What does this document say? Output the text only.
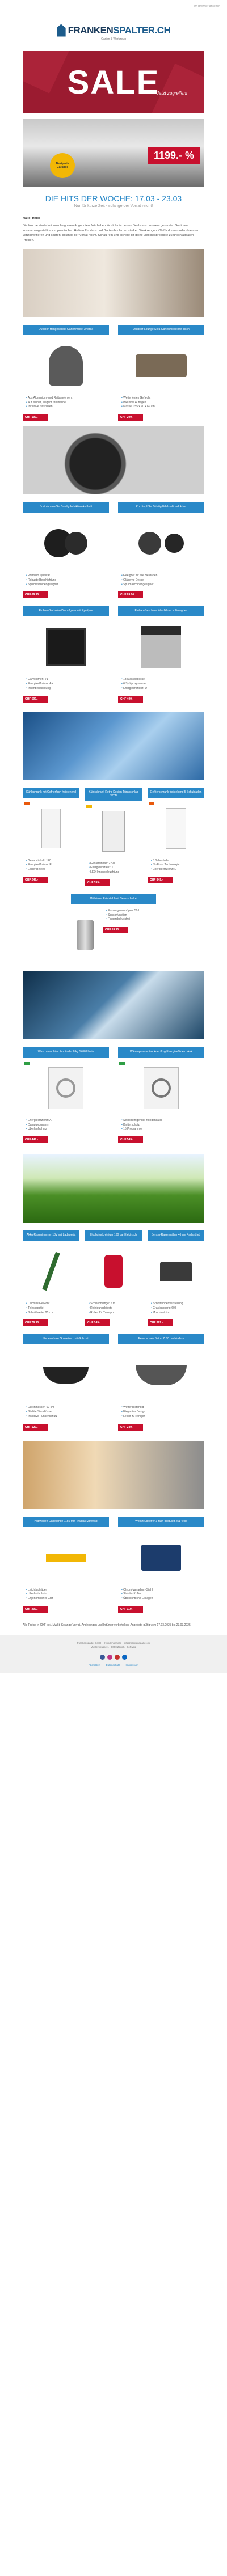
Im Browser ansehen
FRANKENSPALTER.CH
Garten & Werkzeug
SALE
Jetzt zugreifen!
Bestpreis Garantie
1199.- %
DIE HITS DER WOCHE: 17.03 - 23.03
Nur für kurze Zeit - solange der Vorrat reicht!
Hallo! Hallo
Die Woche startet mit unschlagbaren Angeboten! Wir haben für dich die besten Deals aus unserem gesamten Sortiment zusammengestellt – von praktischen Helfern für Haus und Garten bis hin zu starken Werkzeugen. Ob für drinnen oder draussen: Jetzt profitieren und sparen, solange der Vorrat reicht. Schau rein und sichere dir deine Lieblingsprodukte zu unschlagbaren Preisen.
Outdoor-Hängesessel Gartenmöbel Andrea
• Aus Aluminium- und Rattanelement
• Auf kleiner, elegant Stellfläche
• Inklusive Sitzkissen
CHF 199.-
Outdoor-Lounge Sofa Gartenmöbel mit Tisch
• Wetterfestes Geflecht
• Inklusive Auflagen
• Masse: 155 x 70 x 69 cm
CHF 299.-
Bratpfannen-Set 3-teilig Induktion Antihaft
• Premium Qualität
• Robuste Beschichtung
• Spülmaschinengeeignet
CHF 69.90
Kochtopf-Set 5-teilig Edelstahl Induktion
• Geeignet für alle Herdarten
• Gläserne Deckel
• Spülmaschinengeeignet
CHF 89.90
Einbau-Backofen Dampfgarer mit Pyrolyse
• Garvolumen: 71 l
• Energieeffizienz: A+
• Innenbeleuchtung
CHF 599.-
Einbau-Geschirrspüler 60 cm vollintegriert
• 13 Massgedecke
• 6 Spülprogramme
• Energieeffizienz: D
CHF 499.-
Kühlschrank mit Gefrierfach freistehend
• Gesamtinhalt: 120 l
• Energieeffizienz: E
• Leiser Betrieb
CHF 249.-
Kühlschrank Retro-Design Türanschlag rechts
• Gesamtinhalt: 229 l
• Energieeffizienz: D
• LED-Innenbeleuchtung
CHF 399.-
Gefrierschrank freistehend 5 Schubladen
• 5 Schubladen
• No Frost Technologie
• Energieeffizienz: E
CHF 349.-
Mülleimer Edelstahl mit Sensordeckel
• Fassungsvermögen: 50 l
• Sensorfunktion
• Fingerabdruckfrei
CHF 59.90
Waschmaschine Frontlader 8 kg 1400 U/min
• Energieeffizienz: A
• Dampfprogramm
• Überlaufschutz
CHF 449.-
Wärmepumpentrockner 8 kg Energieeffizienz A++
• Selbstreinigender Kondensator
• Knitterschutz
• 15 Programme
CHF 549.-
Akku-Rasentrimmer 18V mit Ladegerät
• Leichtes Gewicht
• Teleskopstiel
• Schnittbreite: 25 cm
CHF 79.90
Hochdruckreiniger 130 bar Elektrisch
• Schlauchlänge: 5 m
• Reinigungsbürste
• Rollen für Transport
CHF 149.-
Benzin-Rasenmäher 46 cm Radantrieb
• Schnitthöhenverstellung
• Grasfangkorb: 60 l
• Mulchfunktion
CHF 329.-
Feuerschale Gusseisen mit Grillrost
• Durchmesser: 60 cm
• Stabile Standfüsse
• Inklusive Funkenschutz
CHF 129.-
Feuerschale Beton Ø 80 cm Modern
• Wetterbeständig
• Elegantes Design
• Leicht zu reinigen
CHF 249.-
Hubwagen Gabellänge 1150 mm Traglast 2500 kg
• Leichtlaufräder
• Überlastschutz
• Ergonomischer Griff
CHF 299.-
Werkzeugkoffer 3-fach bestückt 251-teilig
• Chrom-Vanadium-Stahl
• Stabiler Koffer
• Übersichtliche Einlagen
CHF 119.-
Alle Preise in CHF inkl. MwSt. Solange Vorrat. Änderungen und Irrtümer vorbehalten. Angebote gültig vom 17.03.2025 bis 23.03.2025.
Frankenspalter GmbH · Kundenservice · info@frankenspalter.ch
Musterstrasse 1 · 8000 Zürich · Schweiz
Abmelden Datenschutz Impressum
